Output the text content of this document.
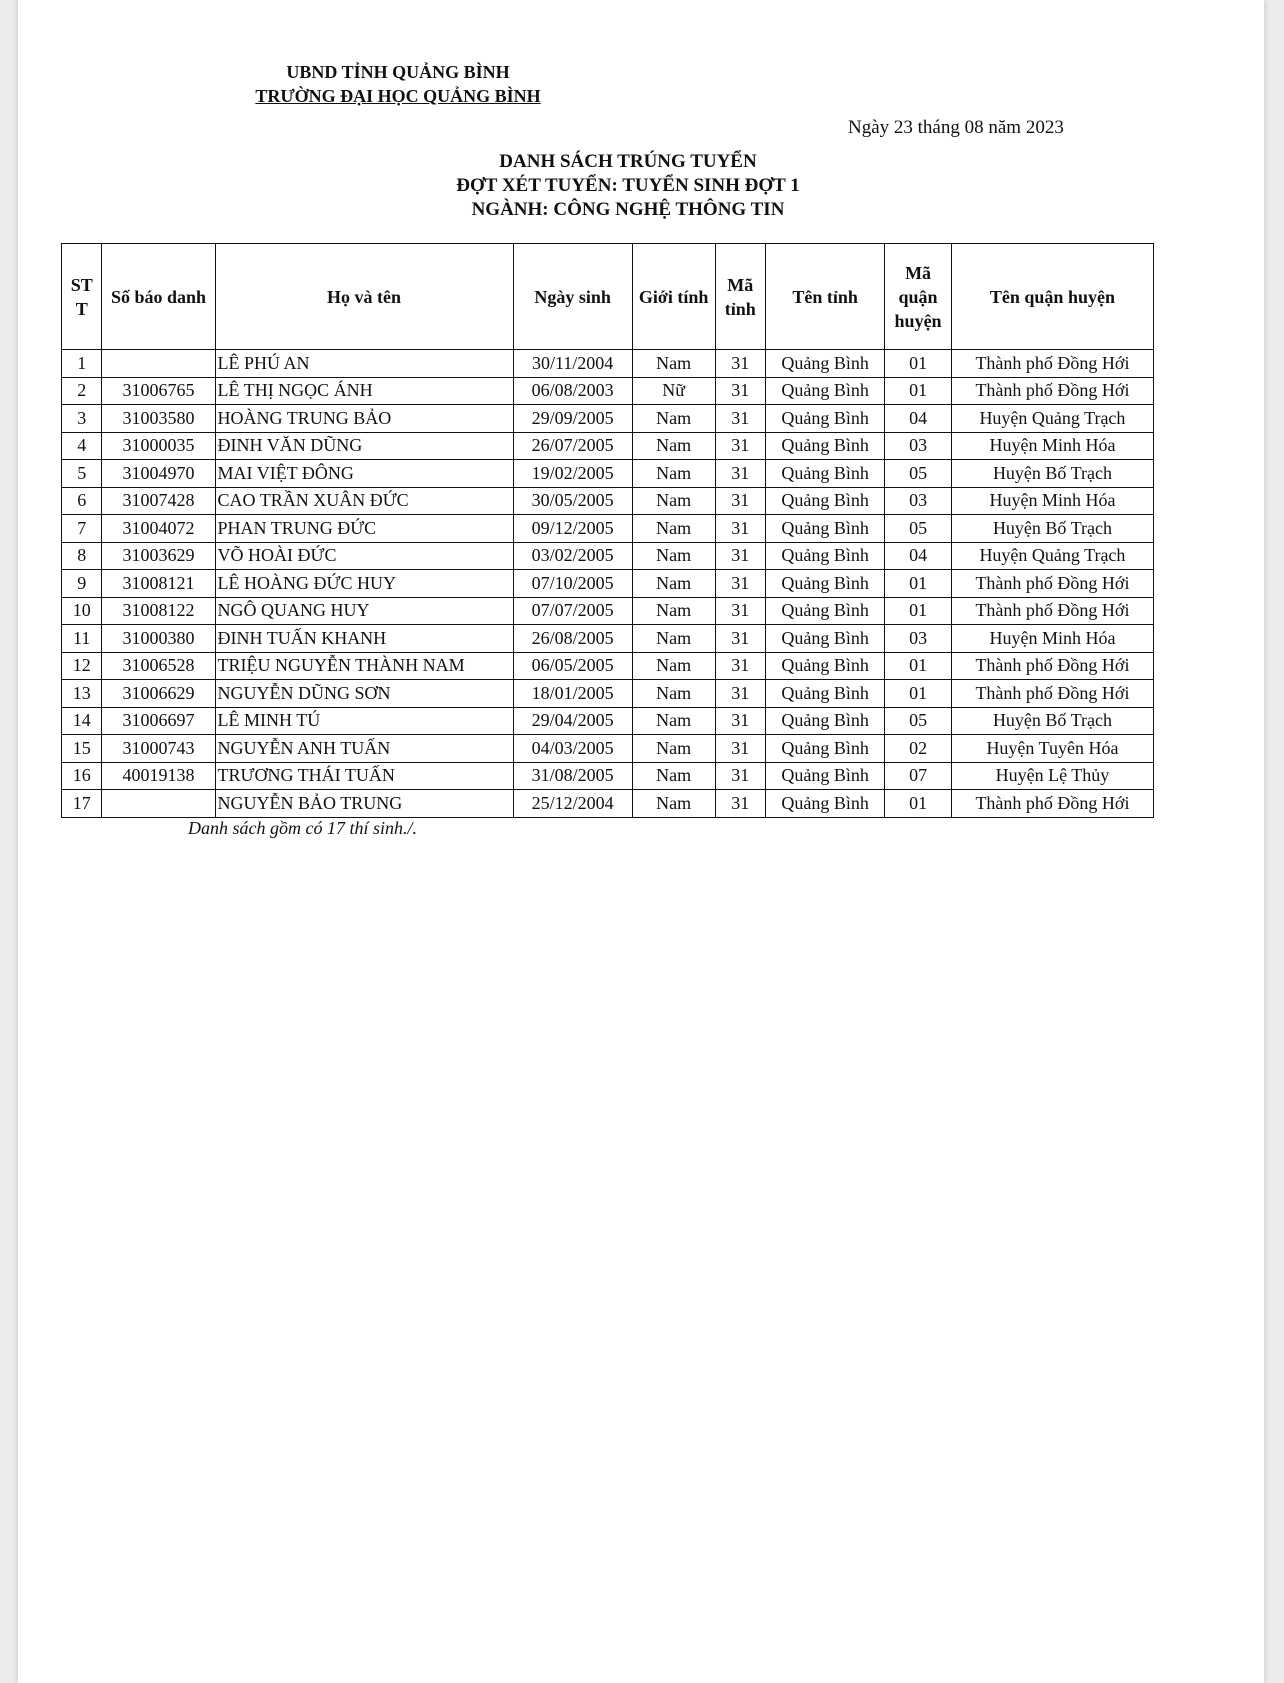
UBND TỈNH QUẢNG BÌNH
TRƯỜNG ĐẠI HỌC QUẢNG BÌNH
Ngày 23 tháng 08 năm 2023
DANH SÁCH TRÚNG TUYỂN
ĐỢT XÉT TUYỂN: TUYỂN SINH ĐỢT 1
NGÀNH: CÔNG NGHỆ THÔNG TIN
ST T	Số báo danh	Họ và tên	Ngày sinh	Giới tính	Mã tỉnh	Tên tỉnh	Mã quận huyện	Tên quận huyện
1		LÊ PHÚ AN	30/11/2004	Nam	31	Quảng Bình	01	Thành phố Đồng Hới
2	31006765	LÊ THỊ NGỌC ÁNH	06/08/2003	Nữ	31	Quảng Bình	01	Thành phố Đồng Hới
3	31003580	HOÀNG TRUNG BẢO	29/09/2005	Nam	31	Quảng Bình	04	Huyện Quảng Trạch
4	31000035	ĐINH VĂN DŨNG	26/07/2005	Nam	31	Quảng Bình	03	Huyện Minh Hóa
5	31004970	MAI VIỆT ĐÔNG	19/02/2005	Nam	31	Quảng Bình	05	Huyện Bố Trạch
6	31007428	CAO TRẦN XUÂN ĐỨC	30/05/2005	Nam	31	Quảng Bình	03	Huyện Minh Hóa
7	31004072	PHAN TRUNG ĐỨC	09/12/2005	Nam	31	Quảng Bình	05	Huyện Bố Trạch
8	31003629	VÕ HOÀI ĐỨC	03/02/2005	Nam	31	Quảng Bình	04	Huyện Quảng Trạch
9	31008121	LÊ HOÀNG ĐỨC HUY	07/10/2005	Nam	31	Quảng Bình	01	Thành phố Đồng Hới
10	31008122	NGÔ QUANG HUY	07/07/2005	Nam	31	Quảng Bình	01	Thành phố Đồng Hới
11	31000380	ĐINH TUẤN KHANH	26/08/2005	Nam	31	Quảng Bình	03	Huyện Minh Hóa
12	31006528	TRIỆU NGUYỄN THÀNH NAM	06/05/2005	Nam	31	Quảng Bình	01	Thành phố Đồng Hới
13	31006629	NGUYỄN DŨNG SƠN	18/01/2005	Nam	31	Quảng Bình	01	Thành phố Đồng Hới
14	31006697	LÊ MINH TÚ	29/04/2005	Nam	31	Quảng Bình	05	Huyện Bố Trạch
15	31000743	NGUYỄN ANH TUẤN	04/03/2005	Nam	31	Quảng Bình	02	Huyện Tuyên Hóa
16	40019138	TRƯƠNG THÁI TUẤN	31/08/2005	Nam	31	Quảng Bình	07	Huyện Lệ Thủy
17		NGUYỄN BẢO TRUNG	25/12/2004	Nam	31	Quảng Bình	01	Thành phố Đồng Hới
Danh sách gồm có 17 thí sinh./.
